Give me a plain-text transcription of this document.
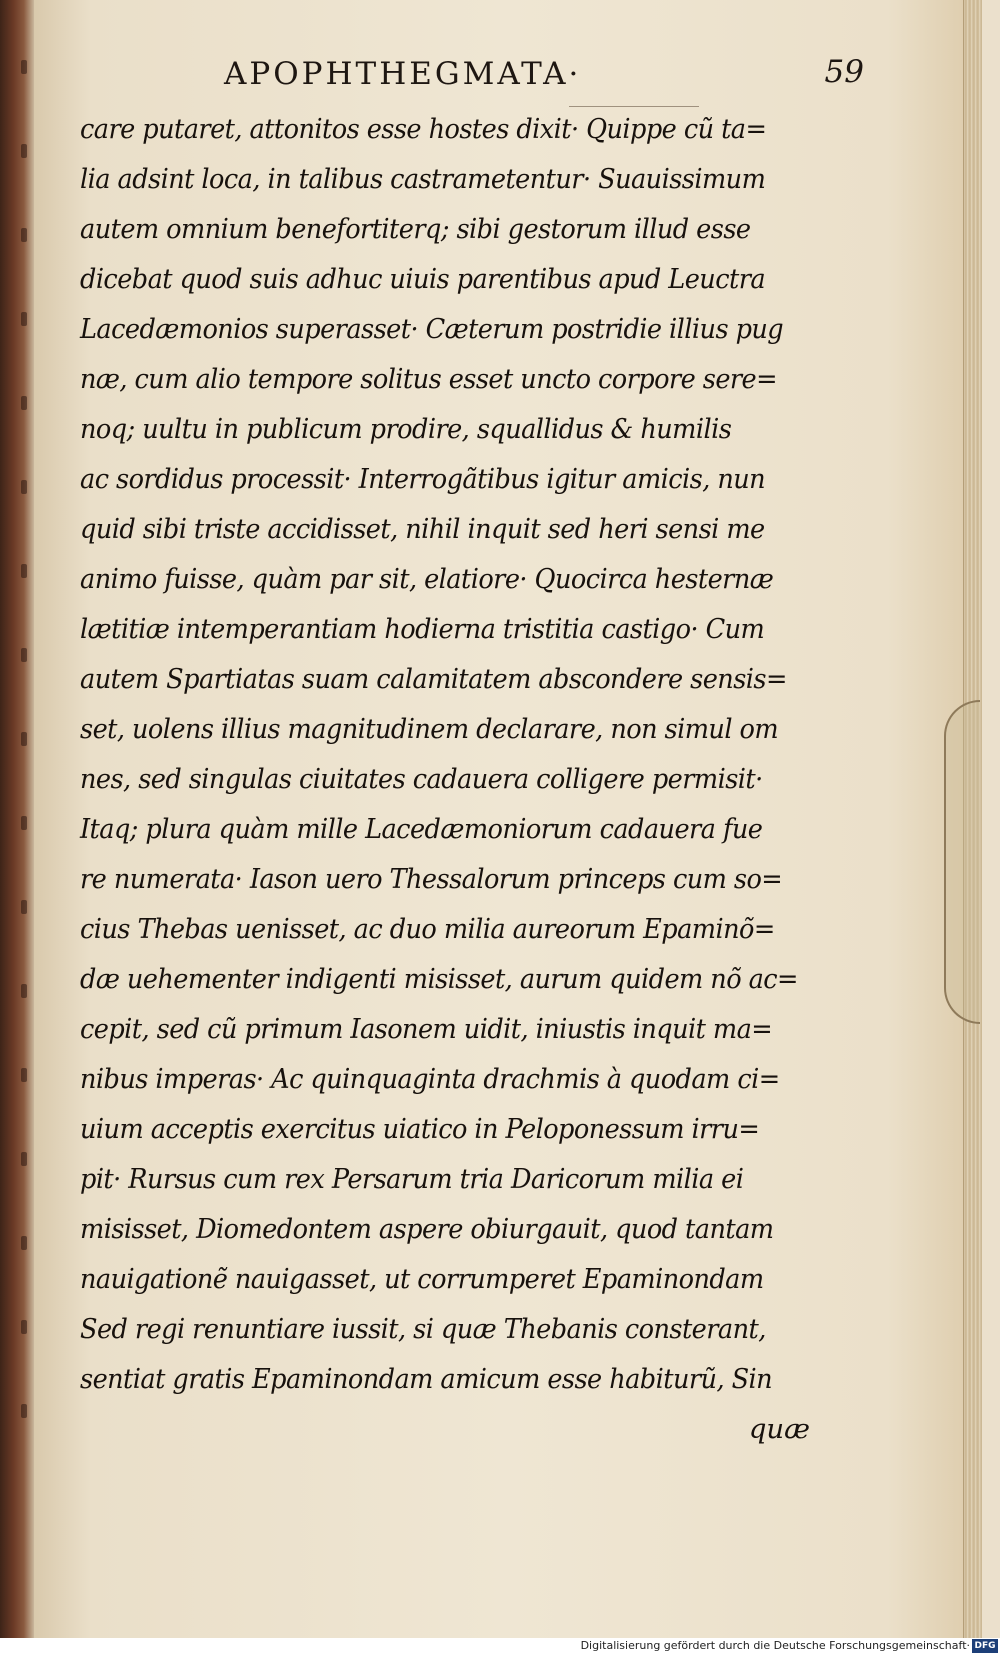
APOPHTHEGMATA·	59
care putaret, attonitos esse hostes dixit· Quippe cũ ta=
lia adsint loca, in talibus castrametentur· Suauissimum
autem omnium benefortiterq; sibi gestorum illud esse
dicebat quod suis adhuc uiuis parentibus apud Leuctra
Lacedæmonios superasset· Cæterum postridie illius pug
næ, cum alio tempore solitus esset uncto corpore sere=
noq; uultu in publicum prodire, squallidus & humilis
ac sordidus processit· Interrogãtibus igitur amicis, nun
quid sibi triste accidisset, nihil inquit sed heri sensi me
animo fuisse, quàm par sit, elatiore· Quocirca hesternæ
lætitiæ intemperantiam hodierna tristitia castigo· Cum
autem Spartiatas suam calamitatem abscondere sensis=
set, uolens illius magnitudinem declarare, non simul om
nes, sed singulas ciuitates cadauera colligere permisit·
Itaq; plura quàm mille Lacedæmoniorum cadauera fue
re numerata· Iason uero Thessalorum princeps cum so=
cius Thebas uenisset, ac duo milia aureorum Epaminõ=
dæ uehementer indigenti misisset, aurum quidem nõ ac=
cepit, sed cũ primum Iasonem uidit, iniustis inquit ma=
nibus imperas· Ac quinquaginta drachmis à quodam ci=
uium acceptis exercitus uiatico in Peloponessum irru=
pit· Rursus cum rex Persarum tria Daricorum milia ei
misisset, Diomedontem aspere obiurgauit, quod tantam
nauigationẽ nauigasset, ut corrumperet Epaminondam
Sed regi renuntiare iussit, si quæ Thebanis consterant,
sentiat gratis Epaminondam amicum esse habiturũ, Sin
quæ
Digitalisierung gefördert durch die Deutsche Forschungsgemeinschaft· DFG
